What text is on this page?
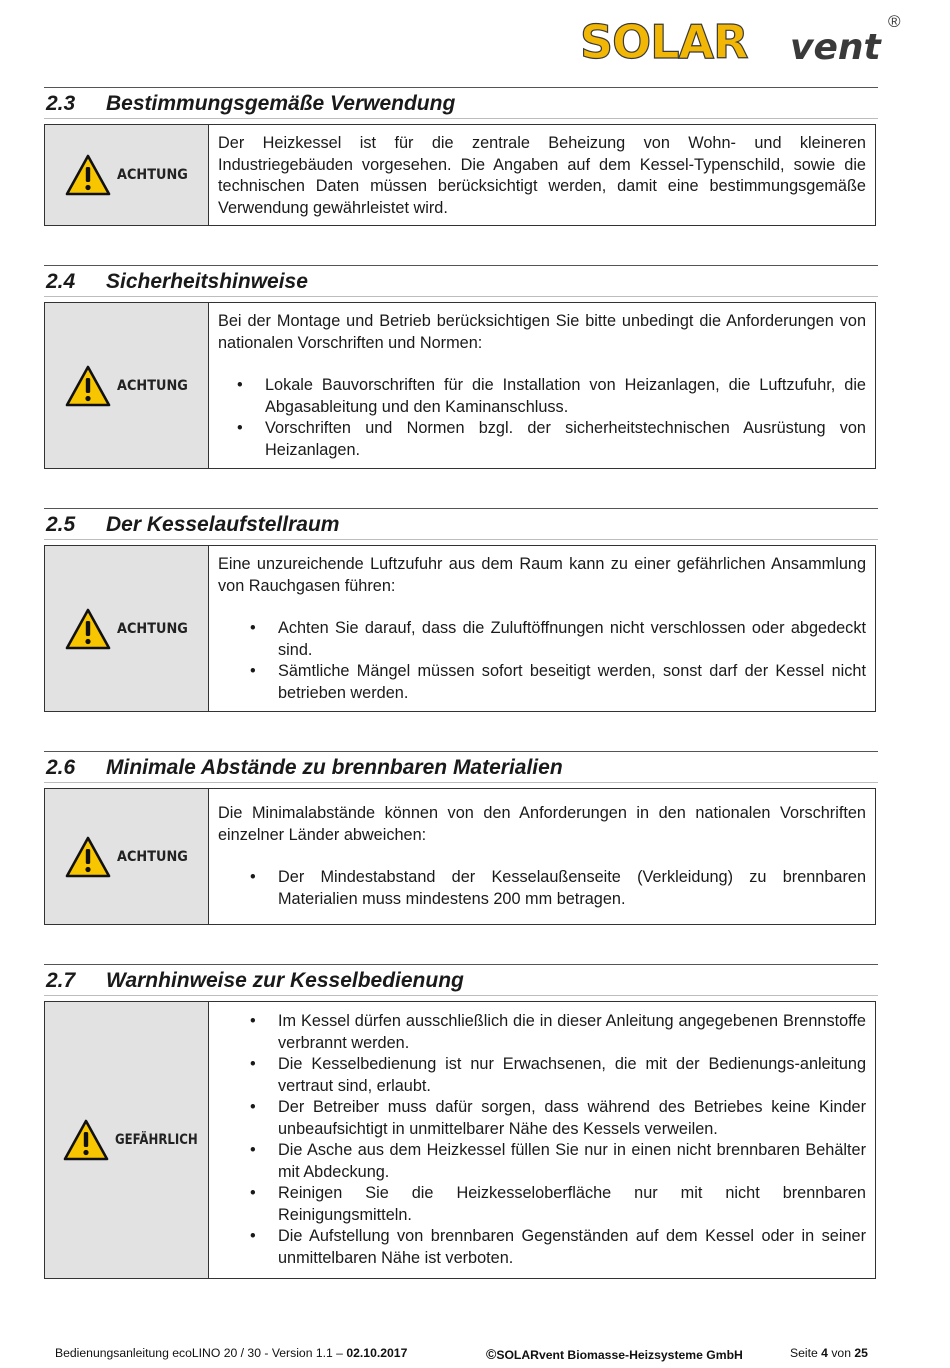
SOLAR vent
®
2.3 Bestimmungsgemäße Verwendung
ACHTUNG

Der Heizkessel ist für die zentrale Beheizung von Wohn- und kleineren Industriegebäuden vorgesehen. Die Angaben auf dem Kessel-Typenschild, sowie die technischen Daten müssen berücksichtigt werden, damit eine bestimmungsgemäße Verwendung gewährleistet wird.

2.4 Sicherheitshinweise
ACHTUNG

Bei der Montage und Betrieb berücksichtigen Sie bitte unbedingt die Anforderungen von nationalen Vorschriften und Normen:

• Lokale Bauvorschriften für die Installation von Heizanlagen, die Luftzufuhr, die Abgasableitung und den Kaminanschluss.
• Vorschriften und Normen bzgl. der sicherheitstechnischen Ausrüstung von Heizanlagen.
2.5 Der Kesselaufstellraum
ACHTUNG

Eine unzureichende Luftzufuhr aus dem Raum kann zu einer gefährlichen Ansammlung von Rauchgasen führen:

• Achten Sie darauf, dass die Zuluftöffnungen nicht verschlossen oder abgedeckt sind.
• Sämtliche Mängel müssen sofort beseitigt werden, sonst darf der Kessel nicht betrieben werden.
2.6 Minimale Abstände zu brennbaren Materialien
ACHTUNG

Die Minimalabstände können von den Anforderungen in den nationalen Vorschriften einzelner Länder abweichen:

• Der Mindestabstand der Kesselaußenseite (Verkleidung) zu brennbaren Materialien muss mindestens 200 mm betragen.
2.7 Warnhinweise zur Kesselbedienung
GEFÄHRLICH
• Im Kessel dürfen ausschließlich die in dieser Anleitung angegebenen Brennstoffe verbrannt werden.
• Die Kesselbedienung ist nur Erwachsenen, die mit der Bedienungs-anleitung vertraut sind, erlaubt.
• Der Betreiber muss dafür sorgen, dass während des Betriebes keine Kinder unbeaufsichtigt in unmittelbarer Nähe des Kessels verweilen.
• Die Asche aus dem Heizkessel füllen Sie nur in einen nicht brennbaren Behälter mit Abdeckung.
• Reinigen Sie die Heizkesseloberfläche nur mit nicht brennbaren Reinigungsmitteln.
• Die Aufstellung von brennbaren Gegenständen auf dem Kessel oder in seiner unmittelbaren Nähe ist verboten.
Bedienungsanleitung ecoLINO 20 / 30 - Version 1.1 – 02.10.2017	©SOLARvent Biomasse-Heizsysteme GmbH	Seite 4 von 25
